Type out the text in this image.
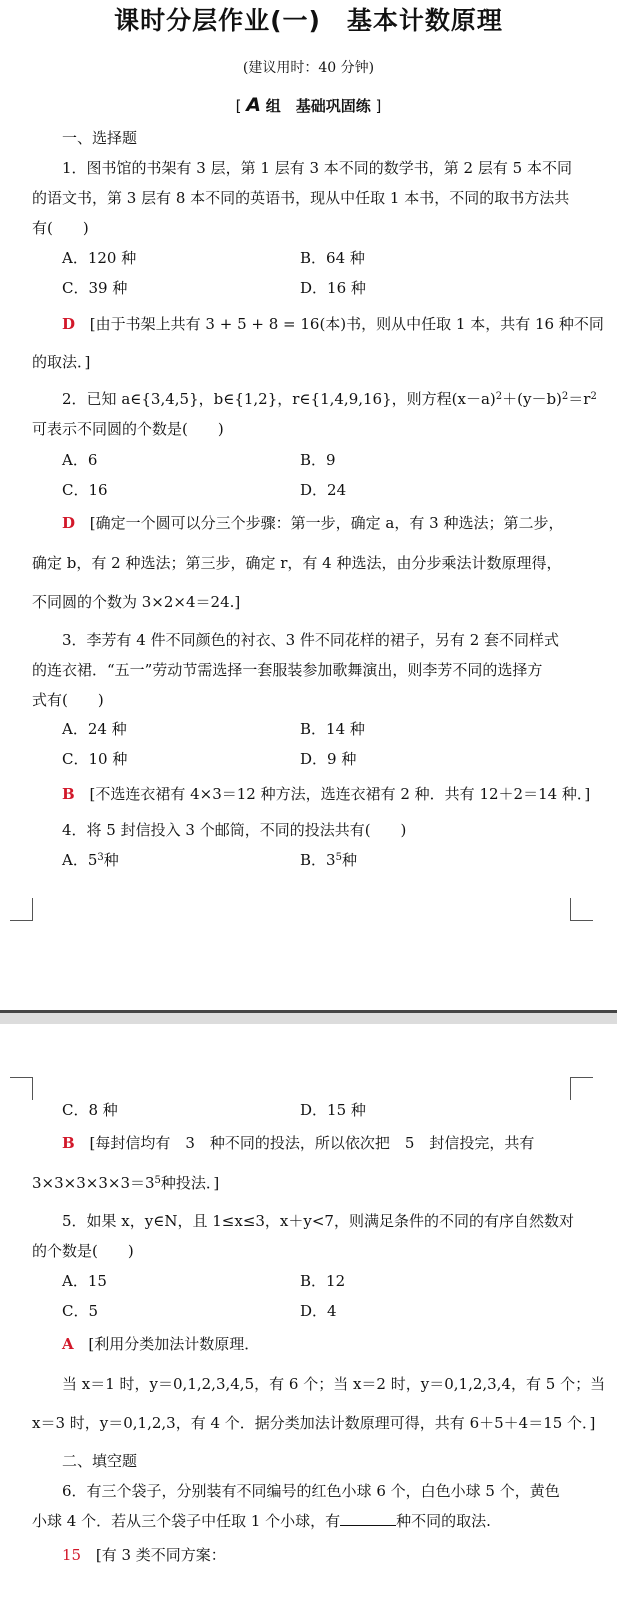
课时分层作业(一)　基本计数原理
(建议用时：40 分钟)
[ A 组　基础巩固练 ]
一、选择题
1．图书馆的书架有 3 层，第 1 层有 3 本不同的数学书，第 2 层有 5 本不同
的语文书，第 3 层有 8 本不同的英语书，现从中任取 1 本书，不同的取书方法共
有(　　)
A．120 种	B．64 种
C．39 种	D．16 种
D [由于书架上共有 3 + 5 + 8 = 16(本)书，则从中任取 1 本，共有 16 种不同
的取法．]
2．已知 a∈{3,4,5}，b∈{1,2}，r∈{1,4,9,16}，则方程$(x-a)^2+(y-b)^2=r^2$
可表示不同圆的个数是(　　)
A．6	B．9
C．16	D．24
D [确定一个圆可以分三个步骤：第一步，确定 a，有 3 种选法；第二步，
确定 b，有 2 种选法；第三步，确定 r，有 4 种选法，由分步乘法计数原理得，
不同圆的个数为 3×2×4＝24.]
3．李芳有 4 件不同颜色的衬衣、3 件不同花样的裙子，另有 2 套不同样式
的连衣裙．“五一”劳动节需选择一套服装参加歌舞演出，则李芳不同的选择方
式有(　　)
A．24 种	B．14 种
C．10 种	D．9 种
B [不选连衣裙有 4×3＝12 种方法，选连衣裙有 2 种．共有 12＋2＝14 种．]
4．将 5 封信投入 3 个邮筒，不同的投法共有(　　)
A．$5^3$种	B．$3^5$种
C．8 种	D．15 种
B [每封信均有　3　种不同的投法，所以依次把　5　封信投完，共有
$3\times 3\times 3\times 3\times 3=3^5$种投法．]
5．如果 x，y∈N，且 1≤x≤3，x＋y<7，则满足条件的不同的有序自然数对
的个数是(　　)
A．15	B．12
C．5	D．4
A [利用分类加法计数原理．
当 x＝1 时，y＝0,1,2,3,4,5，有 6 个；当 x＝2 时，y＝0,1,2,3,4，有 5 个；当
x＝3 时，y＝0,1,2,3，有 4 个．据分类加法计数原理可得，共有 6＋5＋4＝15 个．]
二、填空题
6．有三个袋子，分别装有不同编号的红色小球 6 个，白色小球 5 个，黄色
小球 4 个．若从三个袋子中任取 1 个小球，有	种不同的取法.
15 [有 3 类不同方案：
